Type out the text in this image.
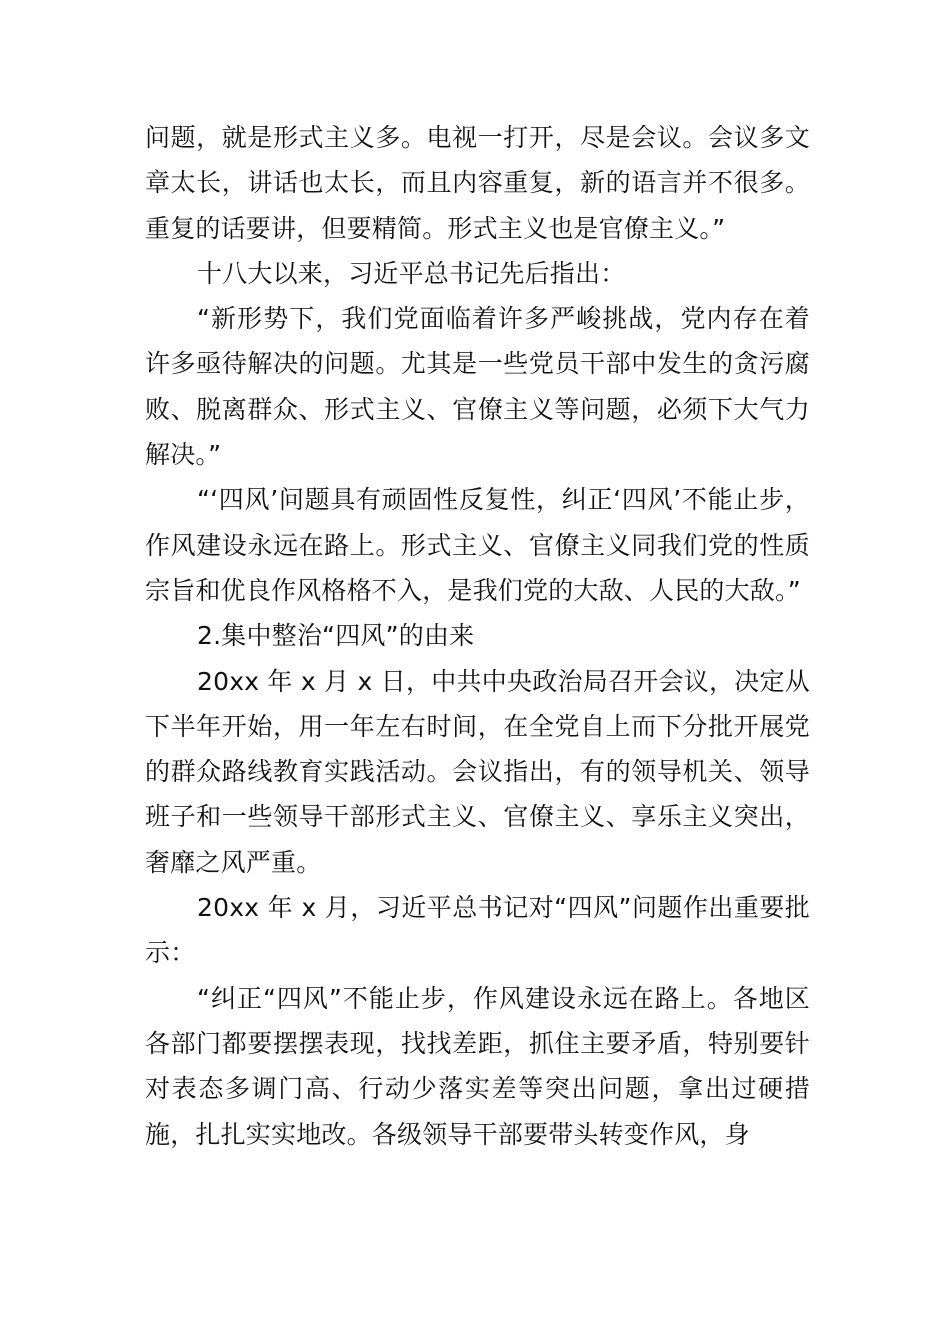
问题，就是形式主义多。电视一打开，尽是会议。会议多文章太长，讲话也太长，而且内容重复，新的语言并不很多。重复的话要讲，但要精简。形式主义也是官僚主义。”

十八大以来，习近平总书记先后指出：

“新形势下，我们党面临着许多严峻挑战，党内存在着许多亟待解决的问题。尤其是一些党员干部中发生的贪污腐败、脱离群众、形式主义、官僚主义等问题，必须下大气力解决。”

“‘四风’问题具有顽固性反复性，纠正‘四风’不能止步，作风建设永远在路上。形式主义、官僚主义同我们党的性质宗旨和优良作风格格不入，是我们党的大敌、人民的大敌。”

2.集中整治“四风”的由来

20xx 年 x 月 x 日，中共中央政治局召开会议，决定从下半年开始，用一年左右时间，在全党自上而下分批开展党的群众路线教育实践活动。会议指出，有的领导机关、领导班子和一些领导干部形式主义、官僚主义、享乐主义突出，奢靡之风严重。

20xx 年 x 月，习近平总书记对“四风”问题作出重要批示：

“纠正“四风”不能止步，作风建设永远在路上。各地区各部门都要摆摆表现，找找差距，抓住主要矛盾，特别要针对表态多调门高、行动少落实差等突出问题，拿出过硬措施，扎扎实实地改。各级领导干部要带头转变作风，身
